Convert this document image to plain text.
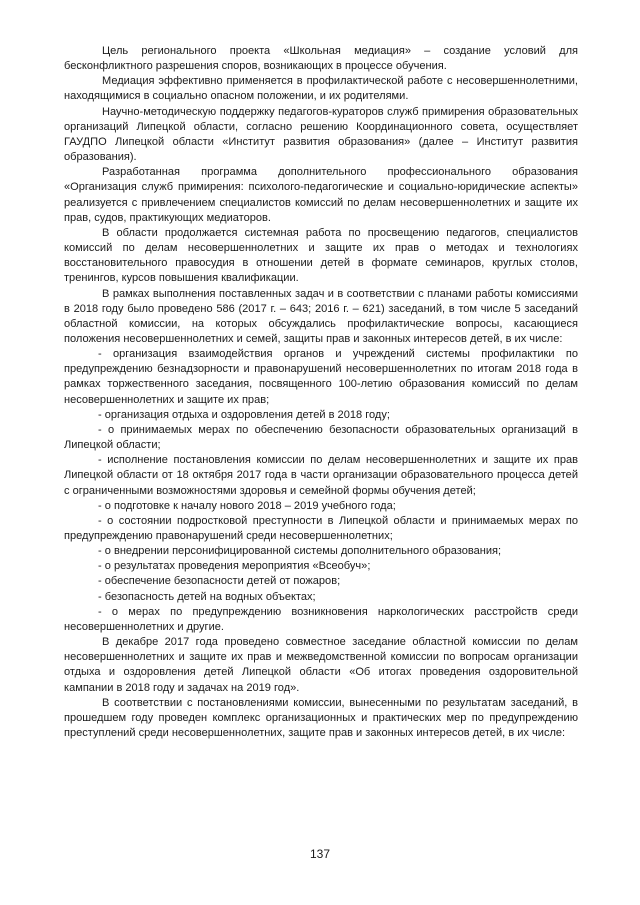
Цель регионального проекта «Школьная медиация» – создание условий для бесконфликтного разрешения споров, возникающих в процессе обучения.

Медиация эффективно применяется в профилактической работе с несовершеннолетними, находящимися в социально опасном положении, и их родителями.

Научно-методическую поддержку педагогов-кураторов служб примирения образовательных организаций Липецкой области, согласно решению Координационного совета, осуществляет ГАУДПО Липецкой области «Институт развития образования» (далее – Институт развития образования).

Разработанная программа дополнительного профессионального образования «Организация служб примирения: психолого-педагогические и социально-юридические аспекты» реализуется с привлечением специалистов комиссий по делам несовершеннолетних и защите их прав, судов, практикующих медиаторов.

В области продолжается системная работа по просвещению педагогов, специалистов комиссий по делам несовершеннолетних и защите их прав о методах и технологиях восстановительного правосудия в отношении детей в формате семинаров, круглых столов, тренингов, курсов повышения квалификации.

В рамках выполнения поставленных задач и в соответствии с планами работы комиссиями в 2018 году было проведено 586 (2017 г. – 643; 2016 г. – 621) заседаний, в том числе 5 заседаний областной комиссии, на которых обсуждались профилактические вопросы, касающиеся положения несовершеннолетних и семей, защиты прав и законных интересов детей, в их числе:

- организация взаимодействия органов и учреждений системы профилактики по предупреждению безнадзорности и правонарушений несовершеннолетних по итогам 2018 года в рамках торжественного заседания, посвященного 100-летию образования комиссий по делам несовершеннолетних и защите их прав;

- организация отдыха и оздоровления детей в 2018 году;

- о принимаемых мерах по обеспечению безопасности образовательных организаций в Липецкой области;

- исполнение постановления комиссии по делам несовершеннолетних и защите их прав Липецкой области от 18 октября 2017 года в части организации образовательного процесса детей с ограниченными возможностями здоровья и семейной формы обучения детей;

- о подготовке к началу нового 2018 – 2019 учебного года;

- о состоянии подростковой преступности в Липецкой области и принимаемых мерах по предупреждению правонарушений среди несовершеннолетних;

- о внедрении персонифицированной системы дополнительного образования;

- о результатах проведения мероприятия «Всеобуч»;

- обеспечение безопасности детей от пожаров;

- безопасность детей на водных объектах;

- о мерах по предупреждению возникновения наркологических расстройств среди несовершеннолетних и другие.

В декабре 2017 года проведено совместное заседание областной комиссии по делам несовершеннолетних и защите их прав и межведомственной комиссии по вопросам организации отдыха и оздоровления детей Липецкой области «Об итогах проведения оздоровительной кампании в 2018 году и задачах на 2019 год».

В соответствии с постановлениями комиссии, вынесенными по результатам заседаний, в прошедшем году проведен комплекс организационных и практических мер по предупреждению преступлений среди несовершеннолетних, защите прав и законных интересов детей, в их числе:

137
